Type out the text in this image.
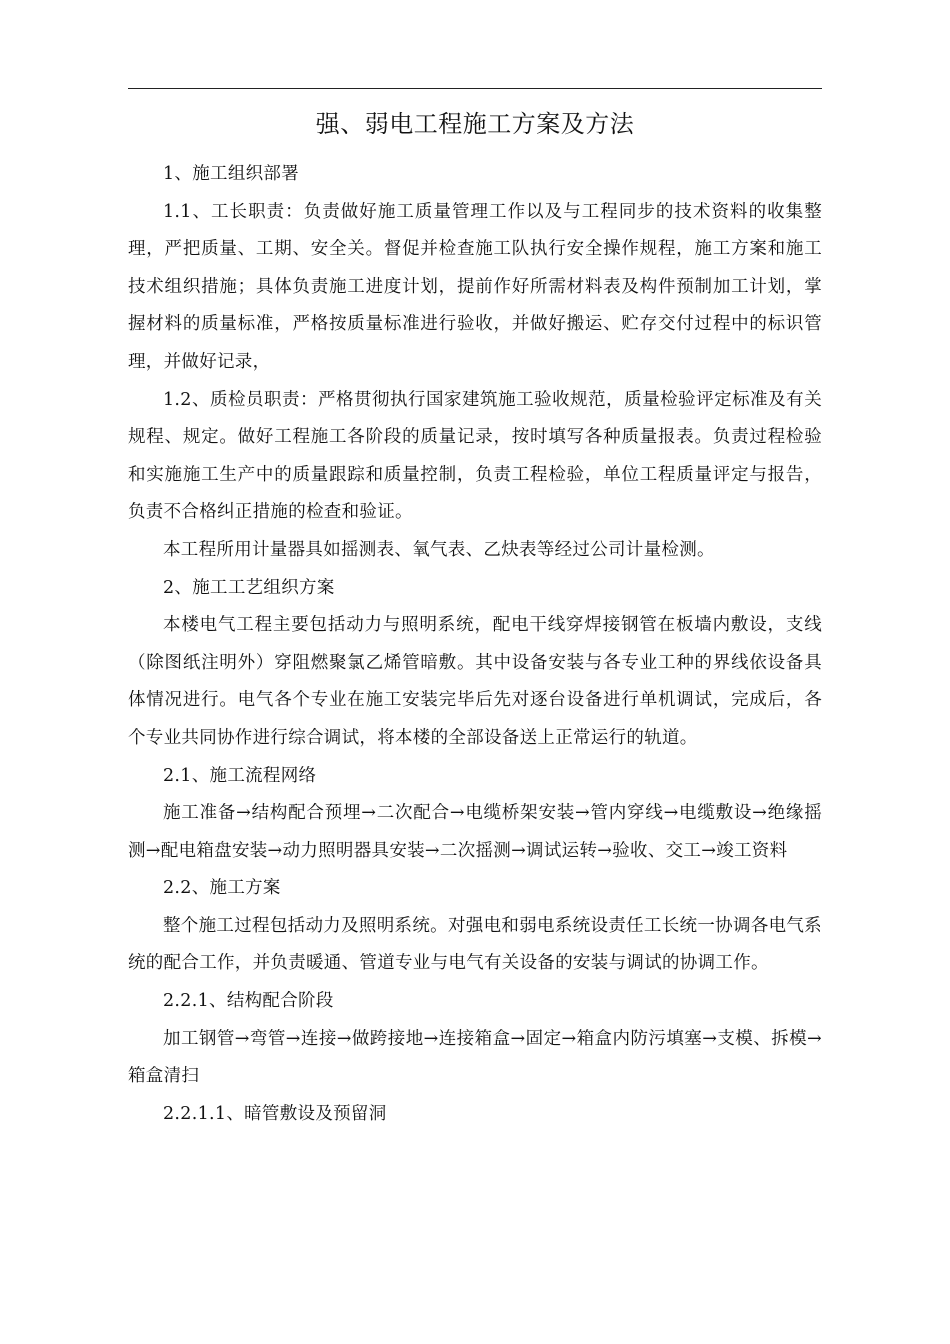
强、弱电工程施工方案及方法

1、施工组织部署

1.1、工长职责：负责做好施工质量管理工作以及与工程同步的技术资料的收集整理，严把质量、工期、安全关。督促并检查施工队执行安全操作规程，施工方案和施工技术组织措施；具体负责施工进度计划，提前作好所需材料表及构件预制加工计划，掌握材料的质量标准，严格按质量标准进行验收，并做好搬运、贮存交付过程中的标识管理，并做好记录，

1.2、质检员职责：严格贯彻执行国家建筑施工验收规范，质量检验评定标准及有关规程、规定。做好工程施工各阶段的质量记录，按时填写各种质量报表。负责过程检验和实施施工生产中的质量跟踪和质量控制，负责工程检验，单位工程质量评定与报告，负责不合格纠正措施的检查和验证。

本工程所用计量器具如摇测表、氧气表、乙炔表等经过公司计量检测。

2、施工工艺组织方案

本楼电气工程主要包括动力与照明系统，配电干线穿焊接钢管在板墙内敷设，支线（除图纸注明外）穿阻燃聚氯乙烯管暗敷。其中设备安装与各专业工种的界线依设备具体情况进行。电气各个专业在施工安装完毕后先对逐台设备进行单机调试，完成后，各个专业共同协作进行综合调试，将本楼的全部设备送上正常运行的轨道。

2.1、施工流程网络

施工准备→结构配合预埋→二次配合→电缆桥架安装→管内穿线→电缆敷设→绝缘摇测→配电箱盘安装→动力照明器具安装→二次摇测→调试运转→验收、交工→竣工资料

2.2、施工方案

整个施工过程包括动力及照明系统。对强电和弱电系统设责任工长统一协调各电气系统的配合工作，并负责暖通、管道专业与电气有关设备的安装与调试的协调工作。

2.2.1、结构配合阶段

加工钢管→弯管→连接→做跨接地→连接箱盒→固定→箱盒内防污填塞→支模、拆模→箱盒清扫

2.2.1.1、暗管敷设及预留洞
